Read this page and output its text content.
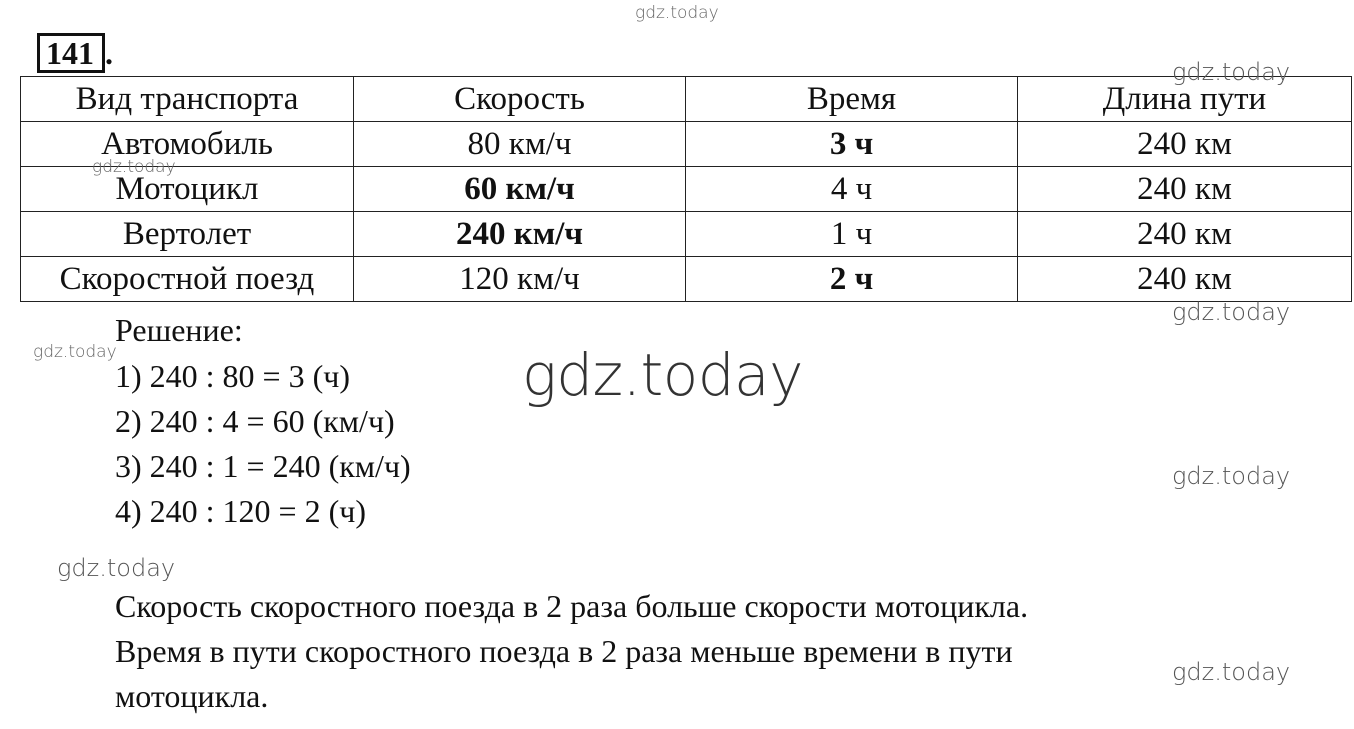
141 .
Вид транспорта	Скорость	Время	Длина пути
Автомобиль	80 км/ч	3 ч	240 км
Мотоцикл	60 км/ч	4 ч	240 км
Вертолет	240 км/ч	1 ч	240 км
Скоростной поезд	120 км/ч	2 ч	240 км
Решение:
1) 240 : 80 = 3 (ч)
2) 240 : 4 = 60 (км/ч)
3) 240 : 1 = 240 (км/ч)
4) 240 : 120 = 2 (ч)
Скорость скоростного поезда в 2 раза больше скорости мотоцикла.
Время в пути скоростного поезда в 2 раза меньше времени в пути
мотоцикла.
gdz.today
gdz.today
gdz.today
gdz.today
gdz.today	gdz.today
gdz.today
gdz.today
gdz.today
